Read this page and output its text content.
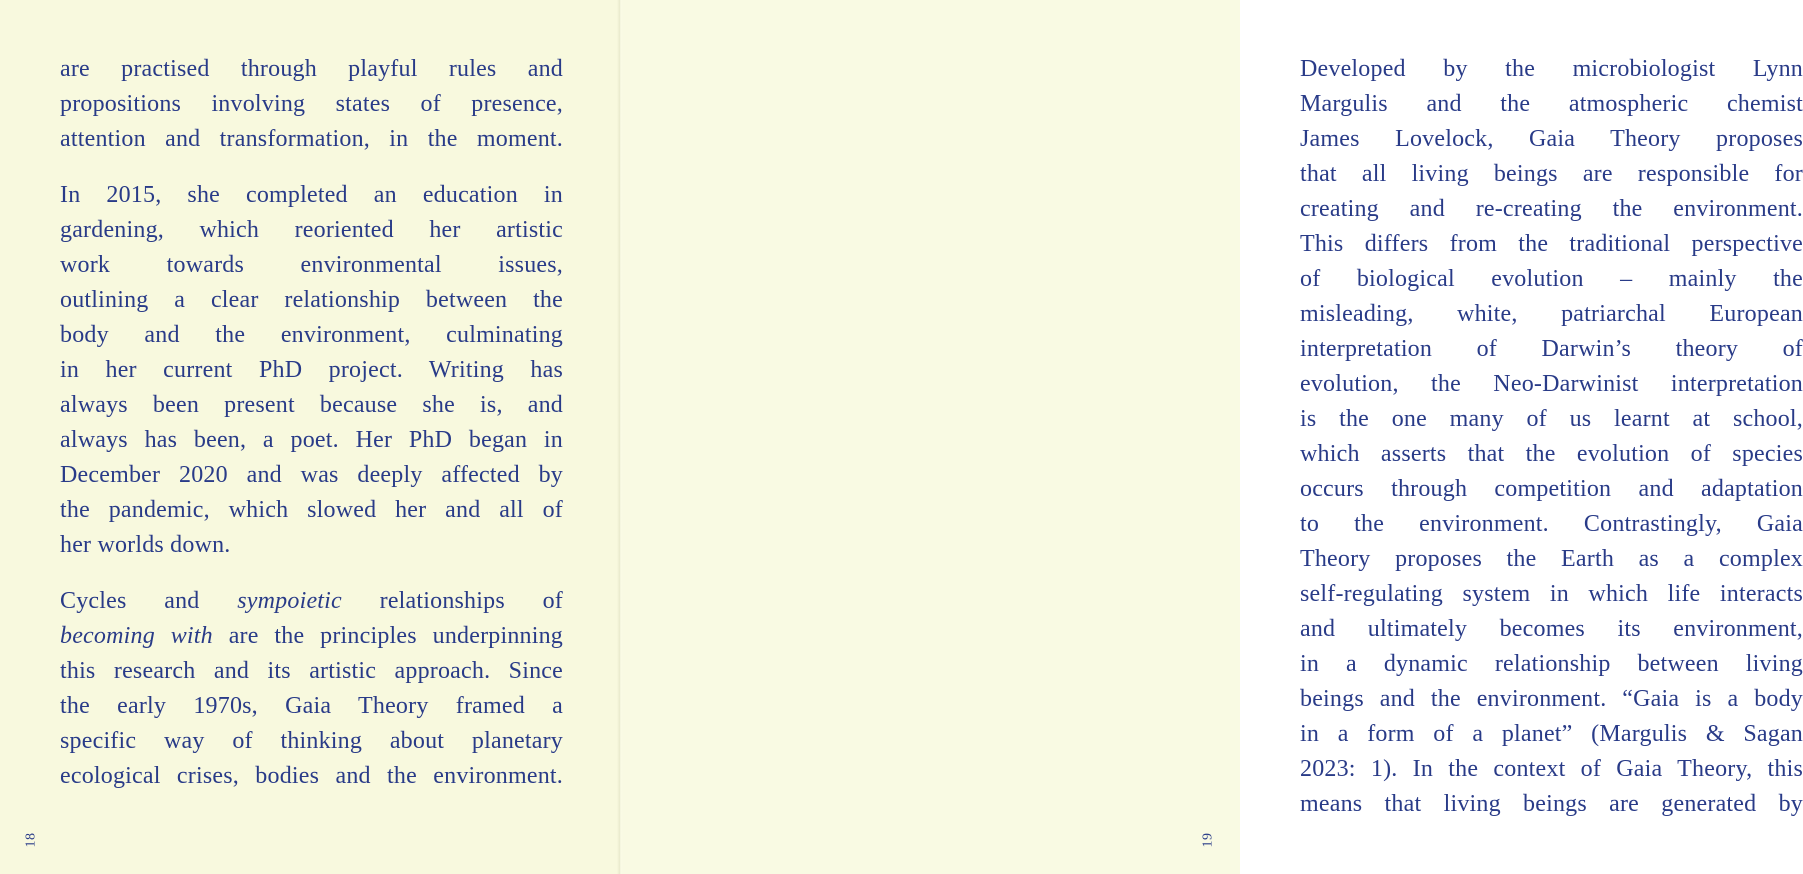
are practised through playful rules and
propositions involving states of presence,
attention and transformation, in the moment.
In 2015, she completed an education in
gardening, which reoriented her artistic
work towards environmental issues,
outlining a clear relationship between the
body and the environment, culminating
in her current PhD project. Writing has
always been present because she is, and
always has been, a poet. Her PhD began in
December 2020 and was deeply affected by
the pandemic, which slowed her and all of
her worlds down.
Cycles and sympoietic relationships of
becoming with are the principles underpinning
this research and its artistic approach. Since
the early 1970s, Gaia Theory framed a
specific way of thinking about planetary
ecological crises, bodies and the environment.
18
Developed by the microbiologist Lynn
Margulis and the atmospheric chemist
James Lovelock, Gaia Theory proposes
that all living beings are responsible for
creating and re-creating the environment.
This differs from the traditional perspective
of biological evolution – mainly the
misleading, white, patriarchal European
interpretation of Darwin’s theory of
evolution, the Neo-Darwinist interpretation
is the one many of us learnt at school,
which asserts that the evolution of species
occurs through competition and adaptation
to the environment. Contrastingly, Gaia
Theory proposes the Earth as a complex
self-regulating system in which life interacts
and ultimately becomes its environment,
in a dynamic relationship between living
beings and the environment. “Gaia is a body
in a form of a planet” (Margulis & Sagan
2023: 1). In the context of Gaia Theory, this
means that living beings are generated by
19
